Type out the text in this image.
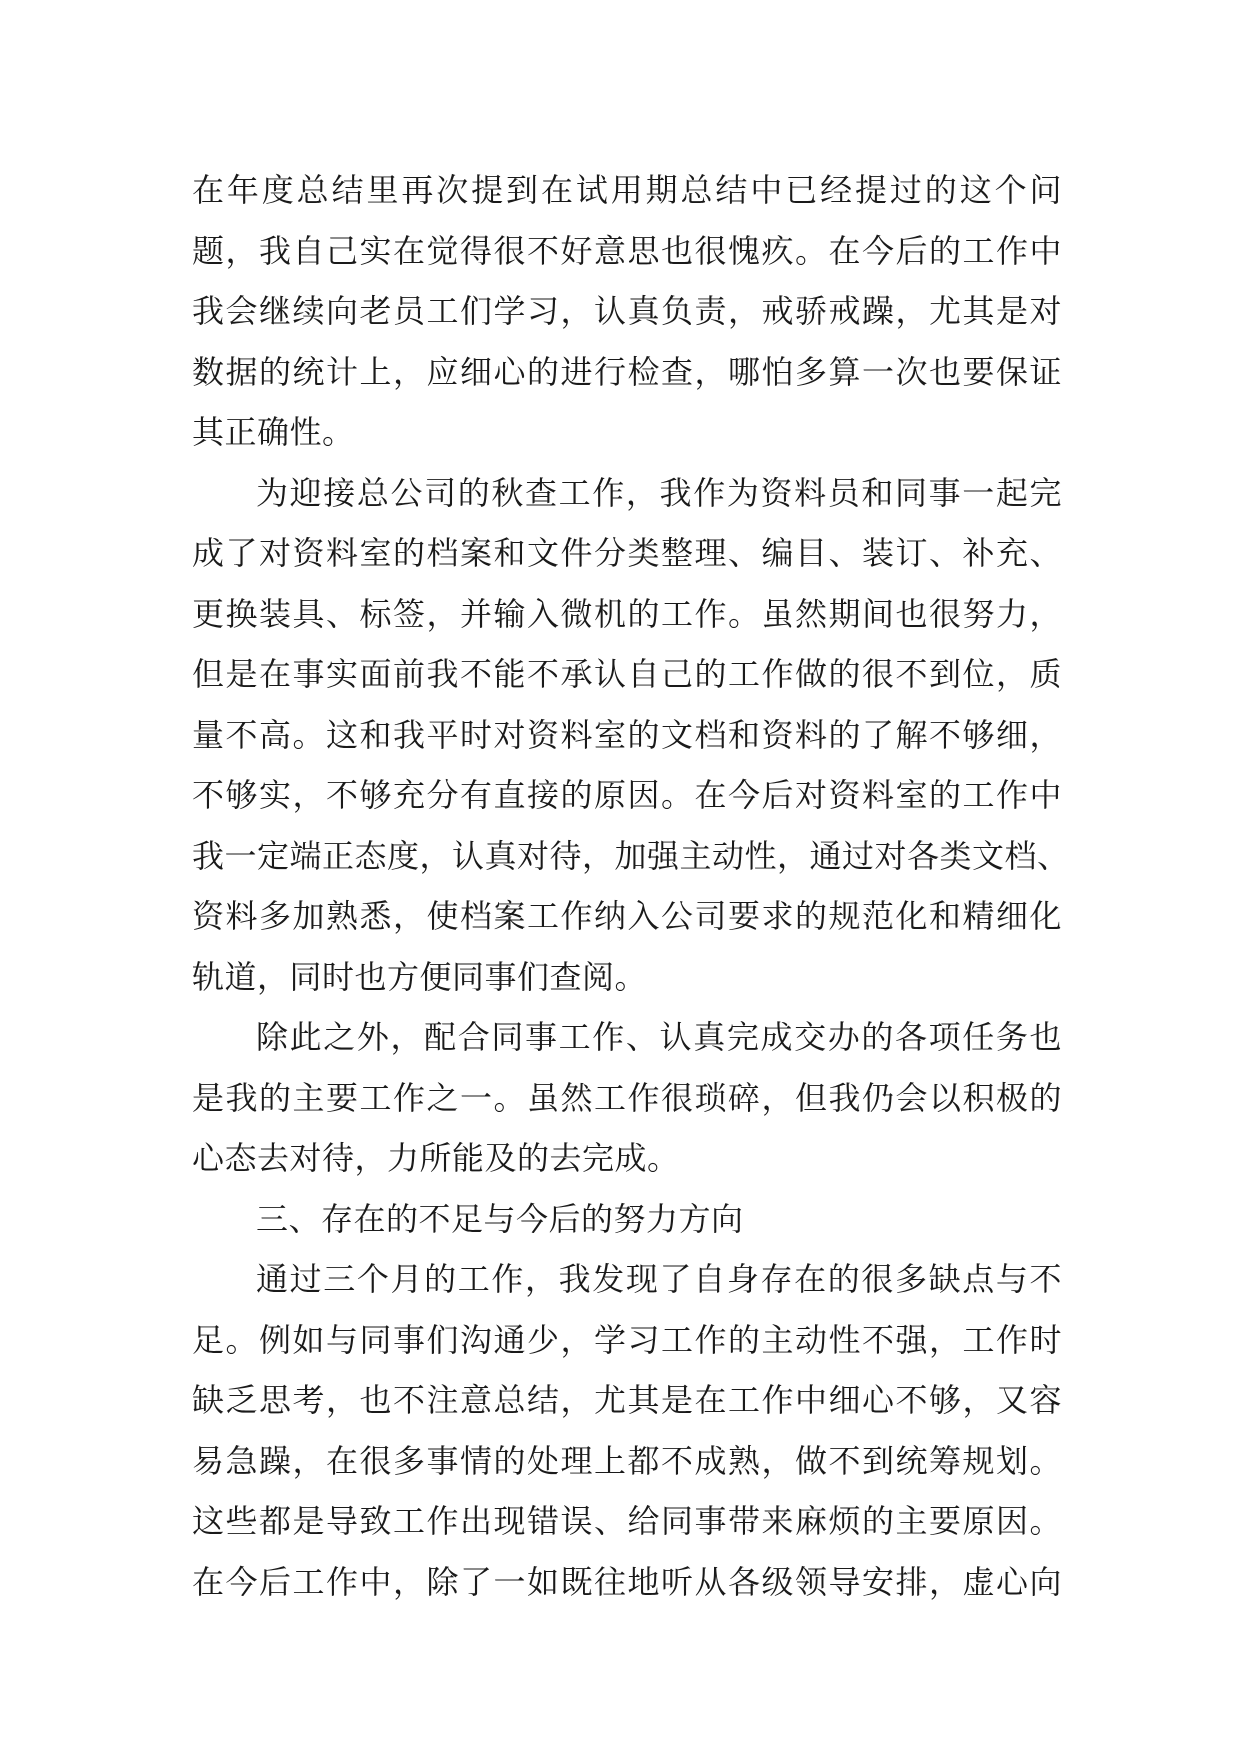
在年度总结里再次提到在试用期总结中已经提过的这个问
题，我自己实在觉得很不好意思也很愧疚。在今后的工作中
我会继续向老员工们学习，认真负责，戒骄戒躁，尤其是对
数据的统计上，应细心的进行检查，哪怕多算一次也要保证
其正确性。
为迎接总公司的秋查工作，我作为资料员和同事一起完
成了对资料室的档案和文件分类整理、编目、装订、补充、
更换装具、标签，并输入微机的工作。虽然期间也很努力，
但是在事实面前我不能不承认自己的工作做的很不到位，质
量不高。这和我平时对资料室的文档和资料的了解不够细，
不够实，不够充分有直接的原因。在今后对资料室的工作中
我一定端正态度，认真对待，加强主动性，通过对各类文档、
资料多加熟悉，使档案工作纳入公司要求的规范化和精细化
轨道，同时也方便同事们查阅。
除此之外，配合同事工作、认真完成交办的各项任务也
是我的主要工作之一。虽然工作很琐碎，但我仍会以积极的
心态去对待，力所能及的去完成。
三、存在的不足与今后的努力方向
通过三个月的工作，我发现了自身存在的很多缺点与不
足。例如与同事们沟通少，学习工作的主动性不强，工作时
缺乏思考，也不注意总结，尤其是在工作中细心不够，又容
易急躁，在很多事情的处理上都不成熟，做不到统筹规划。
这些都是导致工作出现错误、给同事带来麻烦的主要原因。
在今后工作中，除了一如既往地听从各级领导安排，虚心向
